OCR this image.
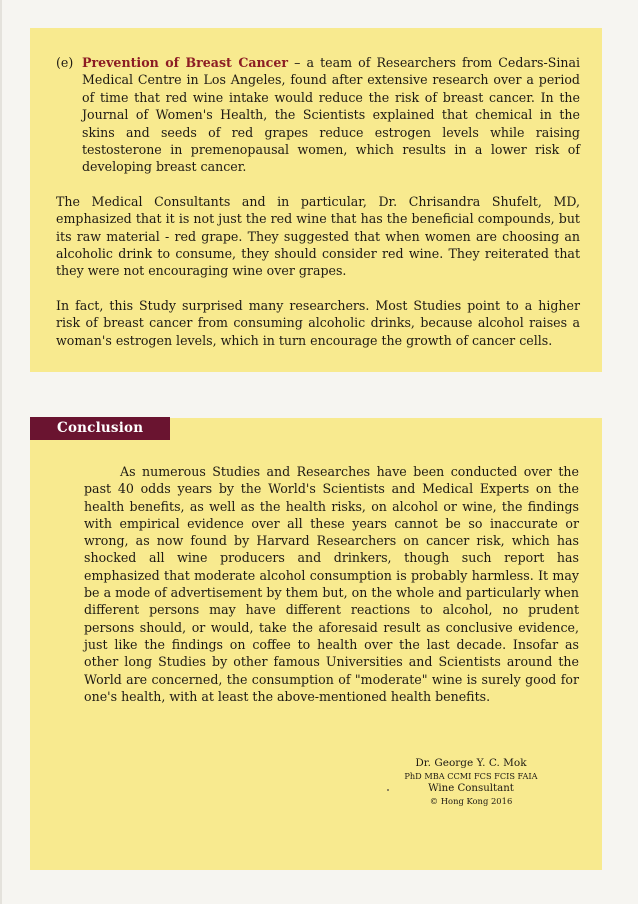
(e) Prevention of Breast Cancer – a team of Researchers from Cedars-Sinai Medical Centre in Los Angeles, found after extensive research over a period of time that red wine intake would reduce the risk of breast cancer. In the Journal of Women's Health, the Scientists explained that chemical in the skins and seeds of red grapes reduce estrogen levels while raising testosterone in premenopausal women, which results in a lower risk of developing breast cancer.

The Medical Consultants and in particular, Dr. Chrisandra Shufelt, MD, emphasized that it is not just the red wine that has the beneficial compounds, but its raw material - red grape. They suggested that when women are choosing an alcoholic drink to consume, they should consider red wine. They reiterated that they were not encouraging wine over grapes.

In fact, this Study surprised many researchers. Most Studies point to a higher risk of breast cancer from consuming alcoholic drinks, because alcohol raises a woman's estrogen levels, which in turn encourage the growth of cancer cells.

Conclusion

As numerous Studies and Researches have been conducted over the past 40 odds years by the World's Scientists and Medical Experts on the health benefits, as well as the health risks, on alcohol or wine, the findings with empirical evidence over all these years cannot be so inaccurate or wrong, as now found by Harvard Researchers on cancer risk, which has shocked all wine producers and drinkers, though such report has emphasized that moderate alcohol consumption is probably harmless. It may be a mode of advertisement by them but, on the whole and particularly when different persons may have different reactions to alcohol, no prudent persons should, or would, take the aforesaid result as conclusive evidence, just like the findings on coffee to health over the last decade. Insofar as other long Studies by other famous Universities and Scientists around the World are concerned, the consumption of "moderate" wine is surely good for one's health, with at least the above-mentioned health benefits.

Dr. George Y. C. Mok
PhD MBA CCMI FCS FCIS FAIA
Wine Consultant
© Hong Kong 2016
